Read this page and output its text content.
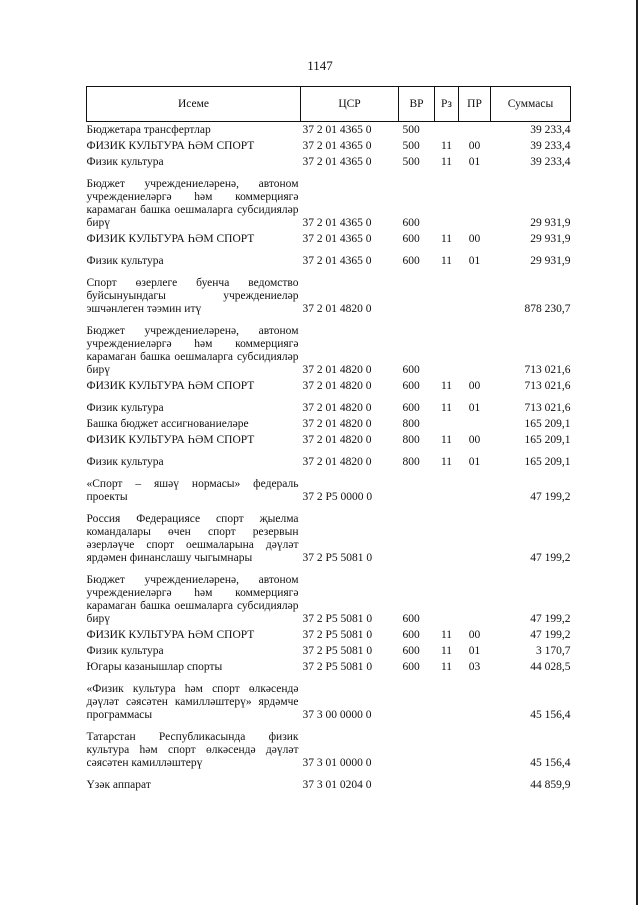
1147
Исеме	ЦСР	ВР	Рз	ПР	Суммасы
Бюджетара трансфертлар	37 2 01 4365 0	500			39 233,4
ФИЗИК КУЛЬТУРА ҺӘМ СПОРТ	37 2 01 4365 0	500	11	00	39 233,4
Физик культура	37 2 01 4365 0	500	11	01	39 233,4
Бюджет учреждениеләренә, автоном учреждениеләргә һәм коммерциягә карамаган башка оешмаларга субсидияләр бирү	37 2 01 4365 0	600			29 931,9
ФИЗИК КУЛЬТУРА ҺӘМ СПОРТ	37 2 01 4365 0	600	11	00	29 931,9
Физик культура	37 2 01 4365 0	600	11	01	29 931,9
Спорт өзерлеге буенча ведомство буйсынуындагы учреждениеләр эшчәнлеген тәэмин итү	37 2 01 4820 0				878 230,7
Бюджет учреждениеләренә, автоном учреждениеләргә һәм коммерциягә карамаган башка оешмаларга субсидияләр бирү	37 2 01 4820 0	600			713 021,6
ФИЗИК КУЛЬТУРА ҺӘМ СПОРТ	37 2 01 4820 0	600	11	00	713 021,6
Физик культура	37 2 01 4820 0	600	11	01	713 021,6
Башка бюджет ассигнованиеләре	37 2 01 4820 0	800			165 209,1
ФИЗИК КУЛЬТУРА ҺӘМ СПОРТ	37 2 01 4820 0	800	11	00	165 209,1
Физик культура	37 2 01 4820 0	800	11	01	165 209,1
«Спорт – яшәү нормасы» федераль проекты	37 2 P5 0000 0				47 199,2
Россия Федерациясе спорт җыелма командалары өчен спорт резервын әзерләүче спорт оешмаларына дәүләт ярдәмен финанслашу чыгымнары	37 2 P5 5081 0				47 199,2
Бюджет учреждениеләренә, автоном учреждениеләргә һәм коммерциягә карамаган башка оешмаларга субсидияләр бирү	37 2 P5 5081 0	600			47 199,2
ФИЗИК КУЛЬТУРА ҺӘМ СПОРТ	37 2 P5 5081 0	600	11	00	47 199,2
Физик культура	37 2 P5 5081 0	600	11	01	3 170,7
Югары казанышлар спорты	37 2 P5 5081 0	600	11	03	44 028,5
«Физик культура һәм спорт өлкәсендә дәүләт сәясәтен камилләштерү» ярдәмче программасы	37 3 00 0000 0				45 156,4
Татарстан Республикасында физик культура һәм спорт өлкәсендә дәүләт сәясәтен камилләштерү	37 3 01 0000 0				45 156,4
Үзәк аппарат	37 3 01 0204 0				44 859,9
